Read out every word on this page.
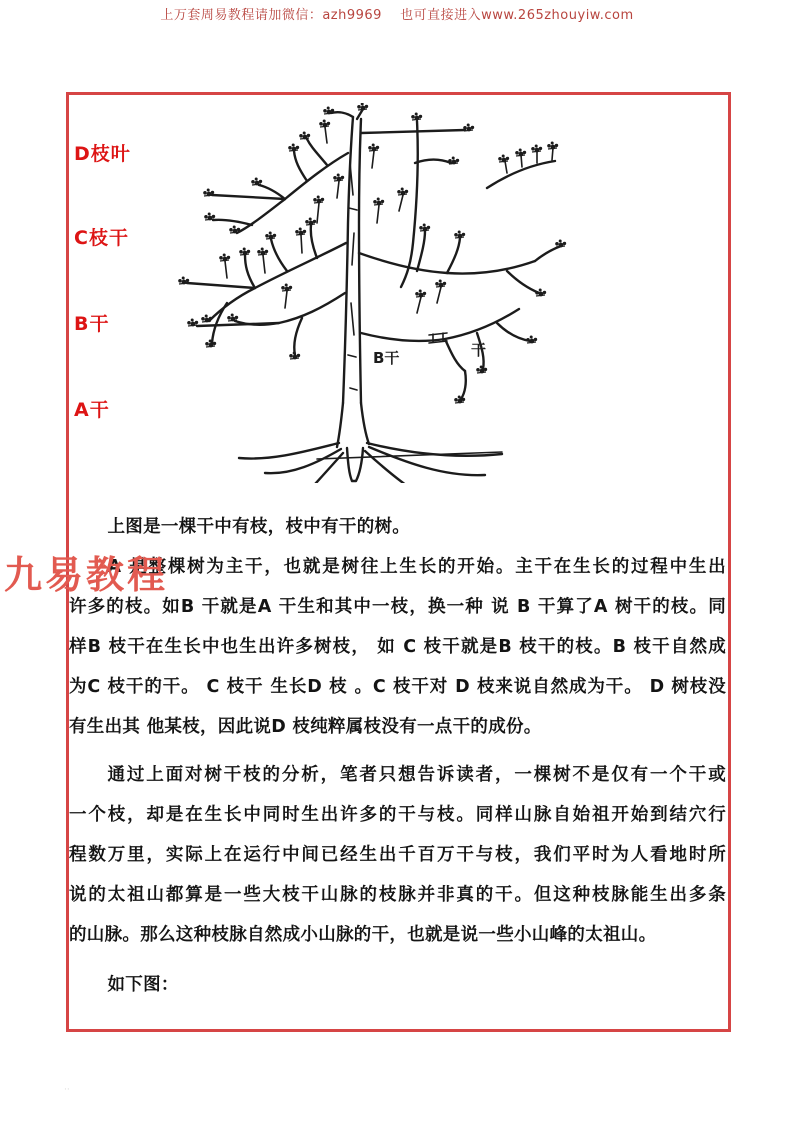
上万套周易教程请加微信：azh9969　 也可直接进入www.265zhouyiw.com
D枝叶
C枝干
B干
A干
B干	干
九易教程
上图是一棵干中有枝，枝中有干的树。
A 是整棵树为主干，也就是树往上生长的开始。主干在生长的过程中生出
许多的枝。如B 干就是A 干生和其中一枝，换一种 说 B 干算了A 树干的枝。同
样B 枝干在生长中也生出许多树枝， 如 C 枝干就是B 枝干的枝。B 枝干自然成
为C 枝干的干。 C 枝干 生长D 枝 。C 枝干对 D 枝来说自然成为干。 D 树枝没
有生出其 他某枝，因此说D 枝纯粹属枝没有一点干的成份。
通过上面对树干枝的分析，笔者只想告诉读者，一棵树不是仅有一个干或
一个枝，却是在生长中同时生出许多的干与枝。同样山脉自始祖开始到结穴行
程数万里，实际上在运行中间已经生出千百万干与枝，我们平时为人看地时所
说的太祖山都算是一些大枝干山脉的枝脉并非真的干。但这种枝脉能生出多条
的山脉。那么这种枝脉自然成小山脉的干，也就是说一些小山峰的太祖山。
如下图：
··
